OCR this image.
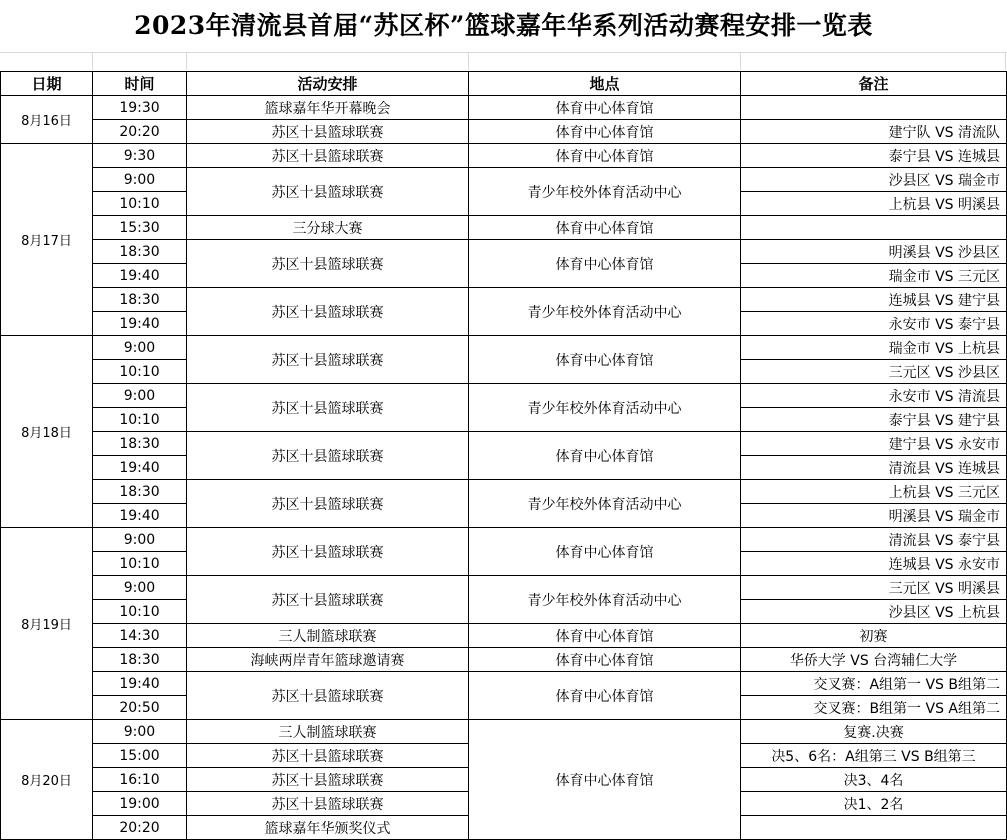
2023年清流县首届“苏区杯”篮球嘉年华系列活动赛程安排一览表
日期	时间	活动安排	地点	备注
8月16日	19:30	篮球嘉年华开幕晚会	体育中心体育馆	
	20:20	苏区十县篮球联赛	体育中心体育馆	建宁队 VS 清流队
8月17日	9:30	苏区十县篮球联赛	体育中心体育馆	泰宁县 VS 连城县
	9:00	苏区十县篮球联赛	青少年校外体育活动中心	沙县区 VS 瑞金市
	10:10			上杭县 VS 明溪县
	15:30	三分球大赛	体育中心体育馆	
	18:30	苏区十县篮球联赛	体育中心体育馆	明溪县 VS 沙县区
	19:40			瑞金市 VS 三元区
	18:30	苏区十县篮球联赛	青少年校外体育活动中心	连城县 VS 建宁县
	19:40			永安市 VS 泰宁县
8月18日	9:00	苏区十县篮球联赛	体育中心体育馆	瑞金市 VS 上杭县
	10:10			三元区 VS 沙县区
	9:00	苏区十县篮球联赛	青少年校外体育活动中心	永安市 VS 清流县
	10:10			泰宁县 VS 建宁县
	18:30	苏区十县篮球联赛	体育中心体育馆	建宁县 VS 永安市
	19:40			清流县 VS 连城县
	18:30	苏区十县篮球联赛	青少年校外体育活动中心	上杭县 VS 三元区
	19:40			明溪县 VS 瑞金市
8月19日	9:00	苏区十县篮球联赛	体育中心体育馆	清流县 VS 泰宁县
	10:10			连城县 VS 永安市
	9:00	苏区十县篮球联赛	青少年校外体育活动中心	三元区 VS 明溪县
	10:10			沙县区 VS 上杭县
	14:30	三人制篮球联赛	体育中心体育馆	初赛
	18:30	海峡两岸青年篮球邀请赛	体育中心体育馆	华侨大学 VS 台湾辅仁大学
	19:40	苏区十县篮球联赛	体育中心体育馆	交叉赛：A组第一 VS B组第二
	20:50			交叉赛：B组第一 VS A组第二
8月20日	9:00	三人制篮球联赛	体育中心体育馆	复赛.决赛
	15:00	苏区十县篮球联赛		决5、6名：A组第三 VS B组第三
	16:10	苏区十县篮球联赛		决3、4名
	19:00	苏区十县篮球联赛		决1、2名
	20:20	篮球嘉年华颁奖仪式		
